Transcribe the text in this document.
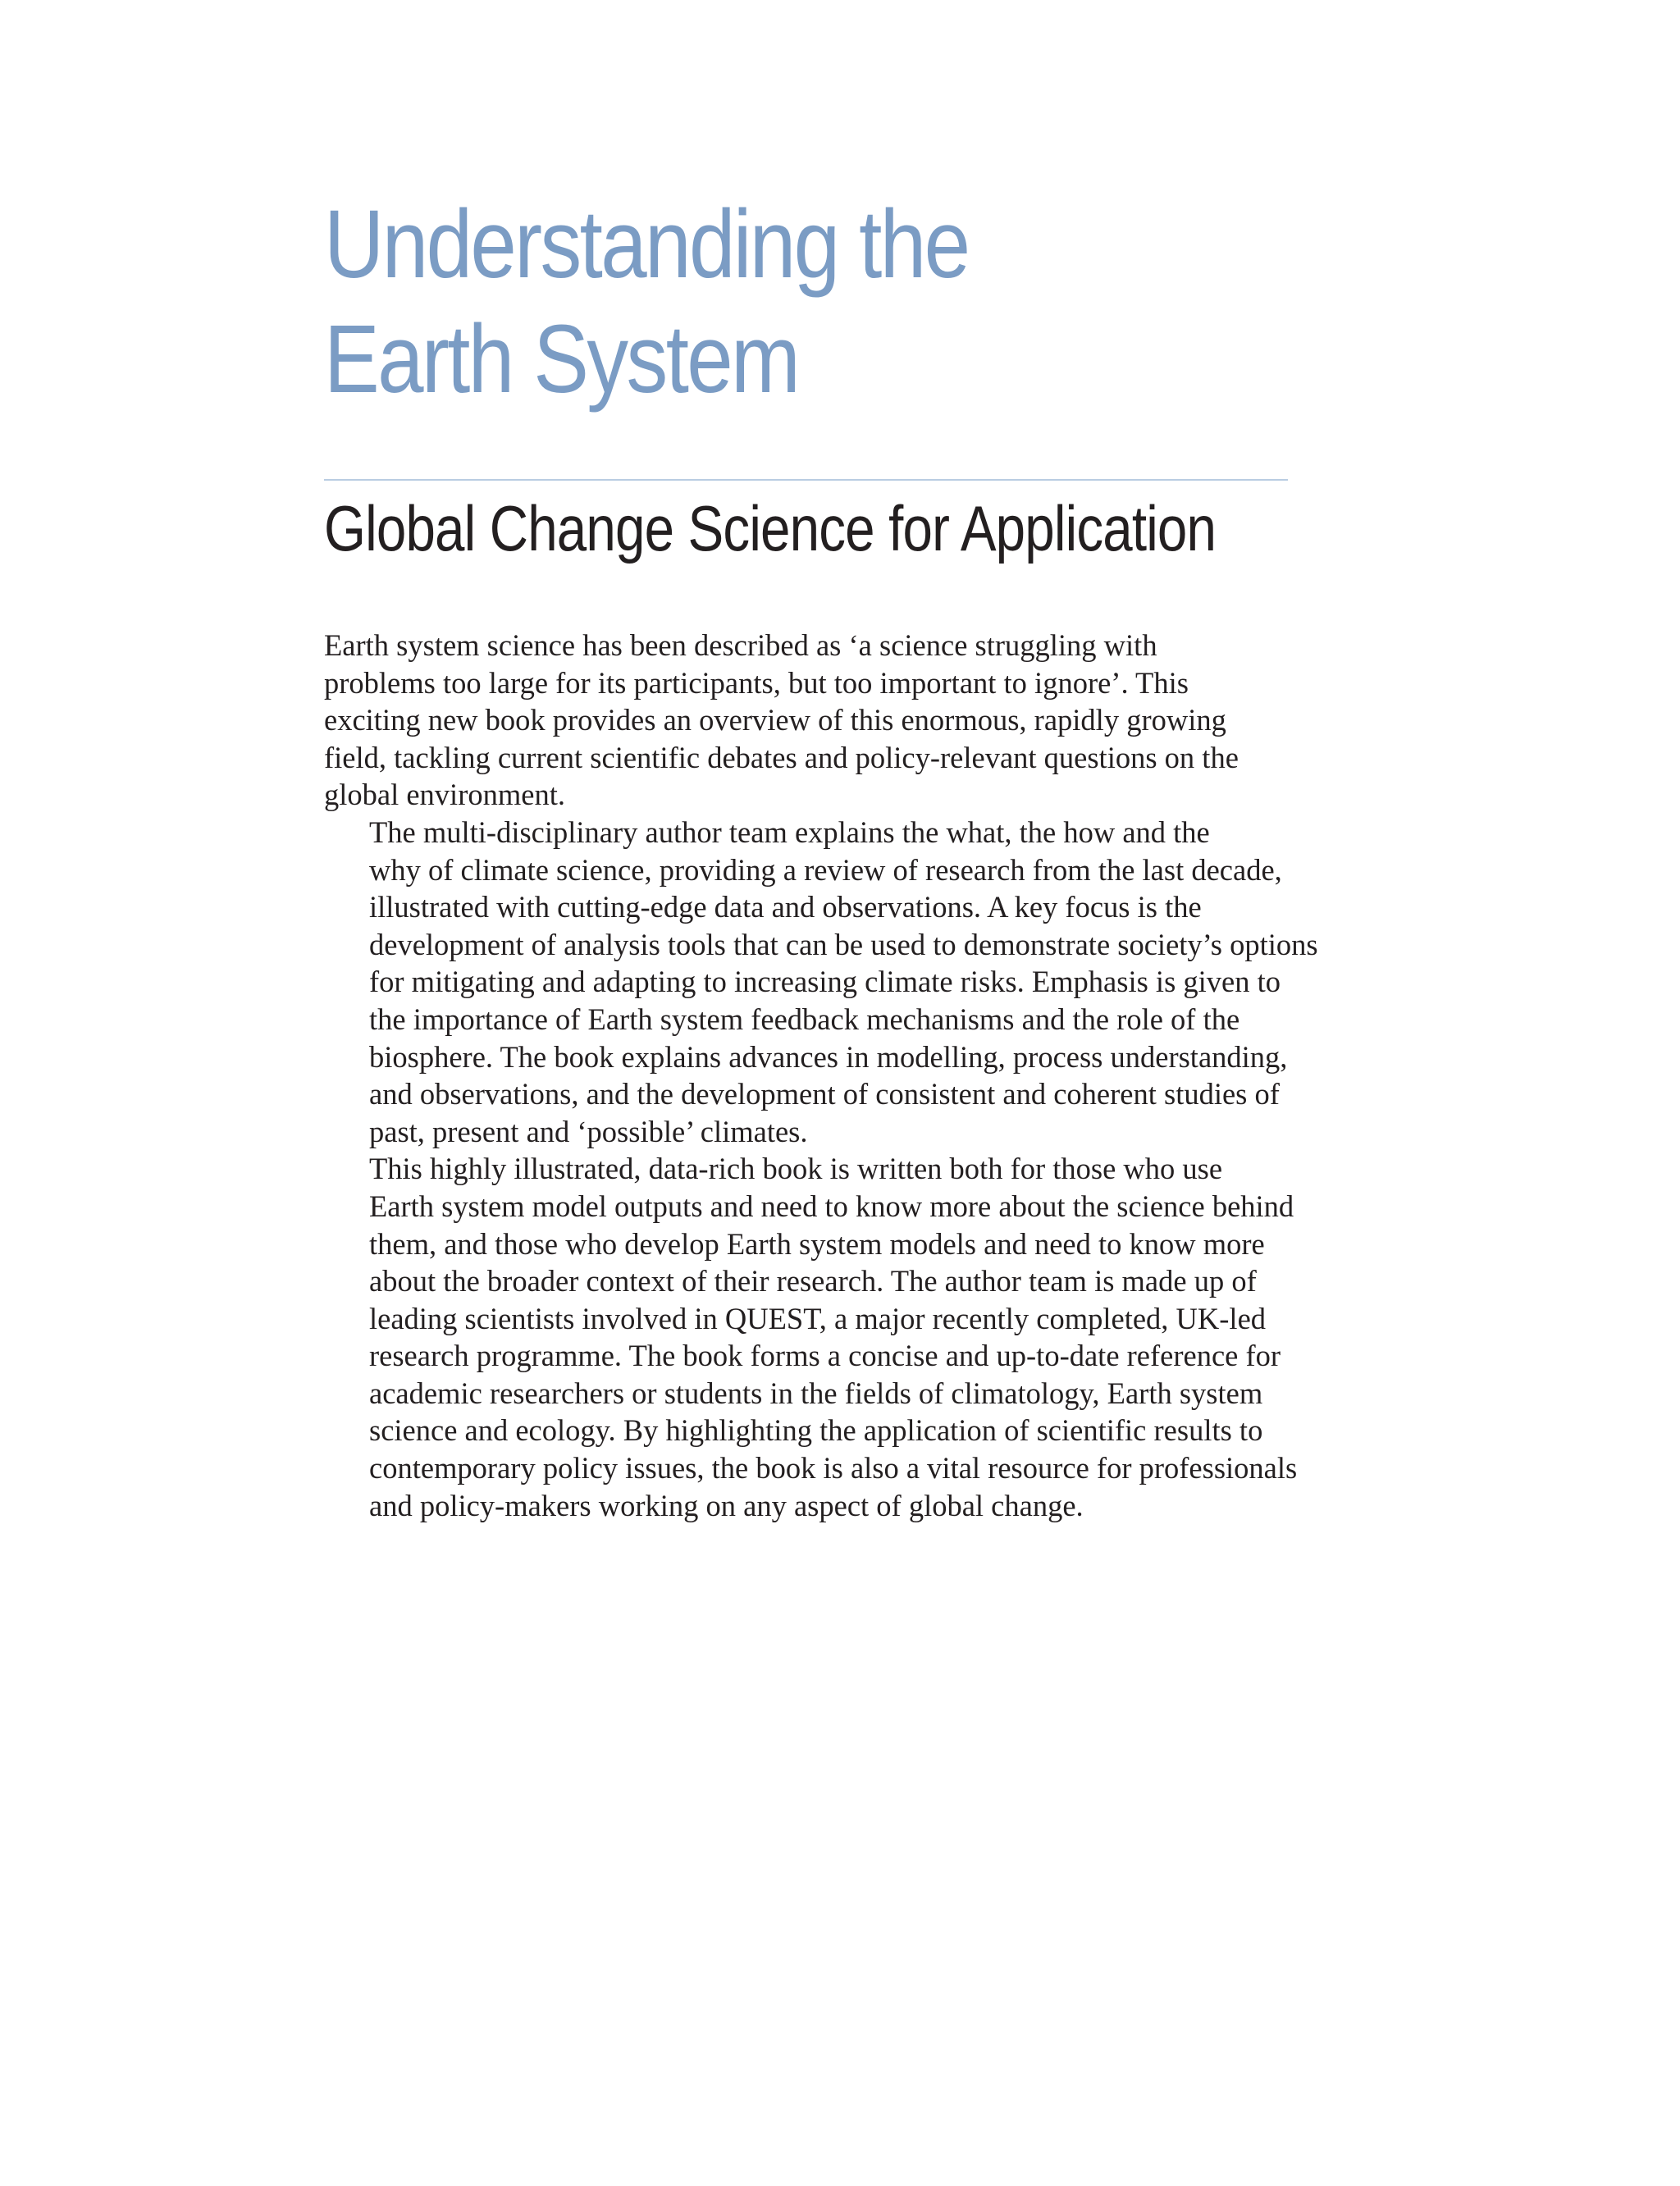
Understanding the
Earth System
Global Change Science for Application

Earth system science has been described as ‘a science struggling with
problems too large for its participants, but too important to ignore’. This
exciting new book provides an overview of this enormous, rapidly growing
field, tackling current scientific debates and policy-relevant questions on the
global environment.

The multi-disciplinary author team explains the what, the how and the
why of climate science, providing a review of research from the last decade,
illustrated with cutting-edge data and observations. A key focus is the
development of analysis tools that can be used to demonstrate society’s options
for mitigating and adapting to increasing climate risks. Emphasis is given to
the importance of Earth system feedback mechanisms and the role of the
biosphere. The book explains advances in modelling, process understanding,
and observations, and the development of consistent and coherent studies of
past, present and ‘possible’ climates.

This highly illustrated, data-rich book is written both for those who use
Earth system model outputs and need to know more about the science behind
them, and those who develop Earth system models and need to know more
about the broader context of their research. The author team is made up of
leading scientists involved in QUEST, a major recently completed, UK-led
research programme. The book forms a concise and up-to-date reference for
academic researchers or students in the fields of climatology, Earth system
science and ecology. By highlighting the application of scientific results to
contemporary policy issues, the book is also a vital resource for professionals
and policy-makers working on any aspect of global change.
